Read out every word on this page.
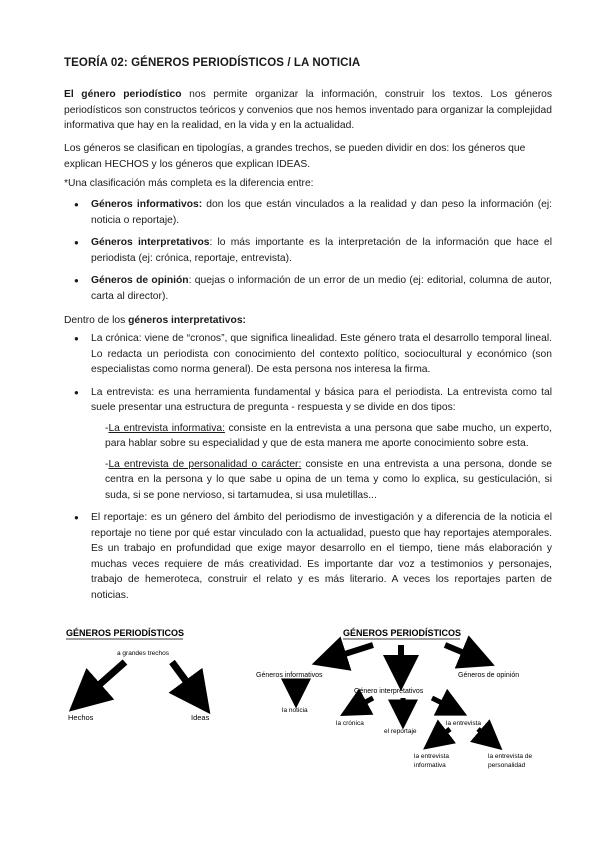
TEORÍA 02: GÉNEROS PERIODÍSTICOS / LA NOTICIA
El género periodístico nos permite organizar la información, construir los textos. Los géneros periodísticos son constructos teóricos y convenios que nos hemos inventado para organizar la complejidad informativa que hay en la realidad, en la vida y en la actualidad.
Los géneros se clasifican en tipologías, a grandes trechos, se pueden dividir en dos: los géneros que explican HECHOS y los géneros que explican IDEAS.
*Una clasificación más completa es la diferencia entre:
● Géneros informativos: don los que están vinculados a la realidad y dan peso la información (ej: noticia o reportaje).
● Géneros interpretativos: lo más importante es la interpretación de la información que hace el periodista (ej: crónica, reportaje, entrevista).
● Géneros de opinión: quejas o información de un error de un medio (ej: editorial, columna de autor, carta al director).
Dentro de los géneros interpretativos:
● La crónica: viene de “cronos”, que significa linealidad. Este género trata el desarrollo temporal lineal. Lo redacta un periodista con conocimiento del contexto político, sociocultural y económico (son especialistas como norma general). De esta persona nos interesa la firma.
● La entrevista: es una herramienta fundamental y básica para el periodista. La entrevista como tal suele presentar una estructura de pregunta - respuesta y se divide en dos tipos:
-La entrevista informativa: consiste en la entrevista a una persona que sabe mucho, un experto, para hablar sobre su especialidad y que de esta manera me aporte conocimiento sobre esta.
-La entrevista de personalidad o carácter: consiste en una entrevista a una persona, donde se centra en la persona y lo que sabe u opina de un tema y como lo explica, su gesticulación, si suda, si se pone nervioso, si tartamudea, si usa muletillas...
● El reportaje: es un género del ámbito del periodismo de investigación y a diferencia de la noticia el reportaje no tiene por qué estar vinculado con la actualidad, puesto que hay reportajes atemporales. Es un trabajo en profundidad que exige mayor desarrollo en el tiempo, tiene más elaboración y muchas veces requiere de más creatividad. Es importante dar voz a testimonios y personajes, trabajo de hemeroteca, construir el relato y es más literario. A veces los reportajes parten de noticias.
GÉNEROS PERIODÍSTICOS
a grandes trechos
Hechos	Ideas
GÉNEROS PERIODÍSTICOS
Géneros informativos	Géneros de opinión
Género interpretativos
la noticia
la crónica
el reportaje
la entrevista
la entrevista
informativa
la entrevista de
personalidad
